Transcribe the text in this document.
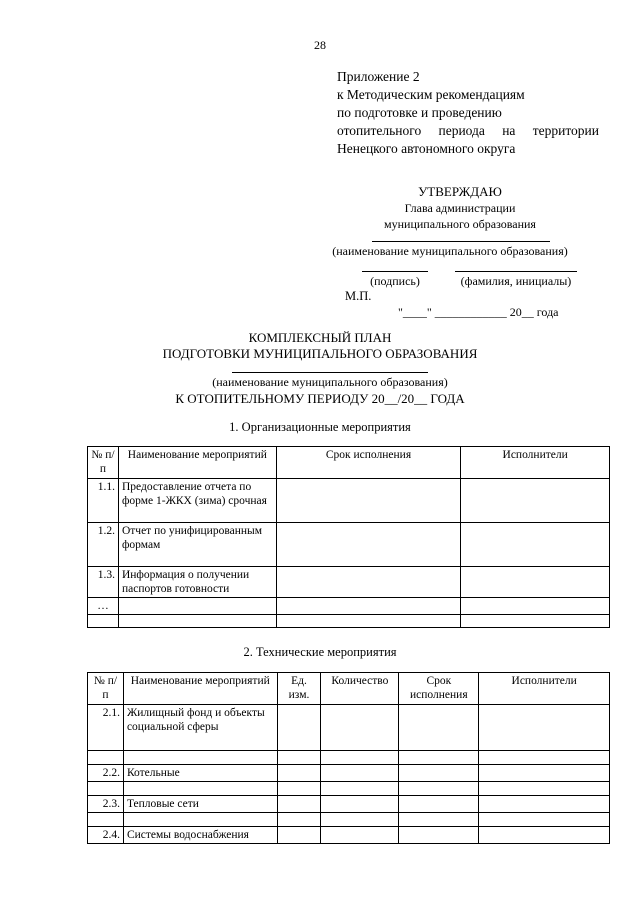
28
Приложение 2
к Методическим рекомендациям
по подготовке и проведению
отопительного периода на территории
Ненецкого автономного округа
УТВЕРЖДАЮ
Глава администрации
муниципального образования
(наименование муниципального образования)
(подпись)	(фамилия, инициалы)
М.П.
"____" ____________ 20__ года
КОМПЛЕКСНЫЙ ПЛАН
ПОДГОТОВКИ МУНИЦИПАЛЬНОГО ОБРАЗОВАНИЯ
(наименование муниципального образования)
К ОТОПИТЕЛЬНОМУ ПЕРИОДУ 20__/20__ ГОДА
1. Организационные мероприятия
№ п/п	Наименование мероприятий	Срок исполнения	Исполнители
1.1.	Предоставление отчета по форме 1-ЖКХ (зима) срочная		
1.2.	Отчет по унифицированным формам		
1.3.	Информация о получении паспортов готовности		
…			

2. Технические мероприятия
№ п/п	Наименование мероприятий	Ед. изм.	Количество	Срок исполнения	Исполнители
2.1.	Жилищный фонд и объекты социальной сферы				

2.2.	Котельные				

2.3.	Тепловые сети				

2.4.	Системы водоснабжения				
